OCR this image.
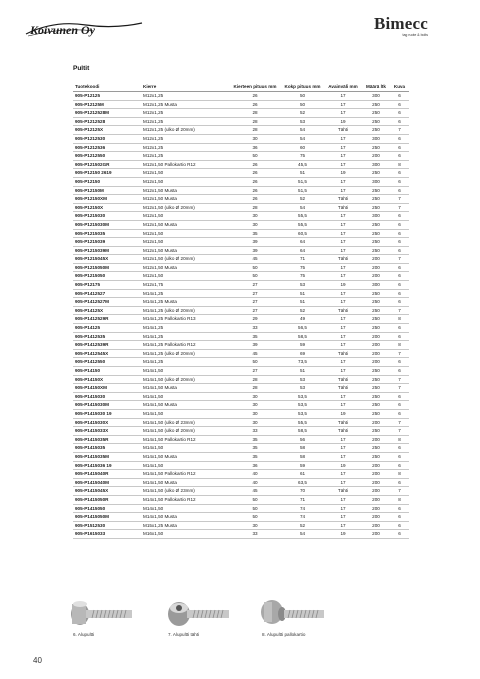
Koivunen Oy	Bimecc
tag ruote & bolts
Pultit
Tuotekoodi	Kierre	Kierteen pituus mm	Kokp pituus mm	Avainväli mm	Määrä ltk	Kuva
905-P12125	M12x1,25	26	50	17	300	6
905-P12125M	M12x1,25 Musta	26	50	17	250	6
905-P1212528M	M12x1,25	28	52	17	250	6
905-P1212528	M12x1,25	28	53	19	250	6
905-P12125X	M12x1,25 (ulko Ø 20mm)	28	54	Tähti	250	7
905-P1212530	M12x1,25	30	54	17	300	6
905-P1212536	M12x1,25	36	60	17	250	6
905-P1212550	M12x1,25	50	75	17	200	6
905-P121502GR	M12x1,50 Pallokartio R12	26	45,5	17	300	8
905-P12150 2619	M12x1,50	26	51	19	250	6
905-P12150	M12x1,50	26	51,5	17	300	6
905-P12150M	M12x1,50 Musta	26	51,5	17	250	6
905-P12150XM	M12x1,50 Musta	26	52	Tähti	250	7
905-P12150X	M12x1,50 (ulko Ø 20mm)	28	54	Tähti	250	7
905-P1215030	M12x1,50	30	55,5	17	300	6
905-P1215030M	M12x1,50 Musta	30	55,5	17	250	6
905-P1215035	M12x1,50	35	60,5	17	250	6
905-P1215039	M12x1,50	39	64	17	250	6
905-P1215039M	M12x1,50 Musta	39	64	17	250	6
905-P1215045X	M12x1,50 (ulko Ø 20mm)	45	71	Tähti	200	7
905-P1215050M	M12x1,50 Musta	50	75	17	200	6
905-P1215050	M12x1,50	50	75	17	200	6
905-P12175	M12x1,75	27	53	19	300	6
905-P1412527	M14x1,25	27	51	17	250	6
905-P1412527M	M14x1,25 Musta	27	51	17	250	6
905-P14125X	M14x1,25 (ulko Ø 20mm)	27	52	Tähti	250	7
905-P1412529R	M14x1,25 Pallokartio R13	29	49	17	250	8
905-P14125	M14x1,25	33	56,5	17	250	6
905-P1412535	M14x1,25	35	58,5	17	200	6
905-P1412539R	M14x1,25 Pallokartio R12	39	59	17	200	8
905-P1412545X	M14x1,25 (ulko Ø 20mm)	45	69	Tähti	200	7
905-P1412550	M14x1,25	50	73,5	17	200	6
905-P14150	M14x1,50	27	51	17	250	6
905-P14150X	M14x1,50 (ulko Ø 20mm)	28	53	Tähti	250	7
905-P14150XM	M14x1,50 Musta	28	53	Tähti	250	7
905-P1415030	M14x1,50	30	53,5	17	250	6
905-P1415030M	M14x1,50 Musta	30	53,5	17	250	6
905-P1415030 19	M14x1,50	30	53,5	19	250	6
905-P1415030X	M14x1,50 (ulko Ø 23mm)	30	55,5	Tähti	200	7
905-P1415033X	M14x1,50 (ulko Ø 20mm)	33	58,5	Tähti	250	7
905-P1415035R	M14x1,50 Pallokartio R12	35	56	17	200	8
905-P1415035	M14x1,50	35	58	17	250	6
905-P1415035M	M14x1,50 Musta	35	58	17	250	6
905-P1415036 19	M14x1,50	36	59	19	200	6
905-P1415040R	M14x1,50 Pallokartio R12	40	61	17	200	8
905-P1415040M	M14x1,50 Musta	40	63,5	17	200	6
905-P1415045X	M14x1,50 (ulko Ø 23mm)	45	70	Tähti	200	7
905-P1415050R	M14x1,50 Pallokartio R12	50	71	17	200	8
905-P1415050	M14x1,50	50	74	17	200	6
905-P1415050M	M14x1,50 Musta	50	74	17	200	6
905-P1512530	M15x1,25 Musta	30	52	17	200	6
905-P1615033	M16x1,50	33	54	19	200	6
6. Alupultti	7. Alupultti tähti	8. Alupultti pallokartio
40
